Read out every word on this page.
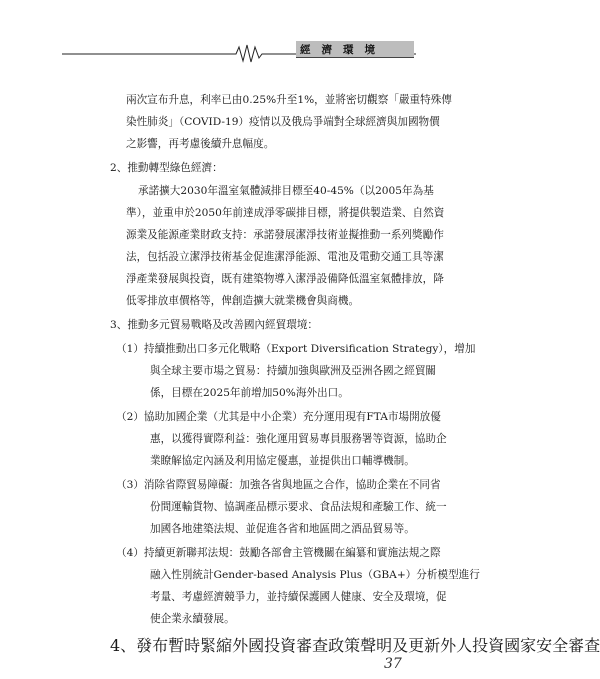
經濟環境
兩次宣布升息，利率已由0.25%升至1%，並將密切觀察「嚴重特殊傳
染性肺炎」（COVID-19）疫情以及俄烏爭端對全球經濟與加國物價
之影響，再考慮後續升息幅度。
2、推動轉型綠色經濟：
承諾擴大2030年溫室氣體減排目標至40-45%（以2005年為基
準），並重申於2050年前達成淨零碳排目標，將提供製造業、自然資
源業及能源產業財政支持：承諾發展潔淨技術並擬推動一系列獎勵作
法，包括設立潔淨技術基金促進潔淨能源、電池及電動交通工具等潔
淨產業發展與投資，既有建築物導入潔淨設備降低溫室氣體排放，降
低零排放車價格等，俾創造擴大就業機會與商機。
3、推動多元貿易戰略及改善國內經貿環境：
（1）持續推動出口多元化戰略（Export Diversification Strategy），增加
與全球主要市場之貿易：持續加強與歐洲及亞洲各國之經貿關
係，目標在2025年前增加50%海外出口。
（2）協助加國企業（尤其是中小企業）充分運用現有FTA市場開放優
惠，以獲得實際利益：強化運用貿易專員服務署等資源，協助企
業瞭解協定內涵及利用協定優惠，並提供出口輔導機制。
（3）消除省際貿易障礙：加強各省與地區之合作，協助企業在不同省
份間運輸貨物、協調產品標示要求、食品法規和產驗工作、統一
加國各地建築法規、並促進各省和地區間之酒品貿易等。
（4）持續更新聯邦法規：鼓勵各部會主管機關在編纂和實施法規之際
融入性別統計Gender-based Analysis Plus（GBA+）分析模型進行
考量、考慮經濟競爭力，並持續保護國人健康、安全及環境，促
使企業永續發展。
4、發布暫時緊縮外國投資審查政策聲明及更新外人投資國家安全審查
37
